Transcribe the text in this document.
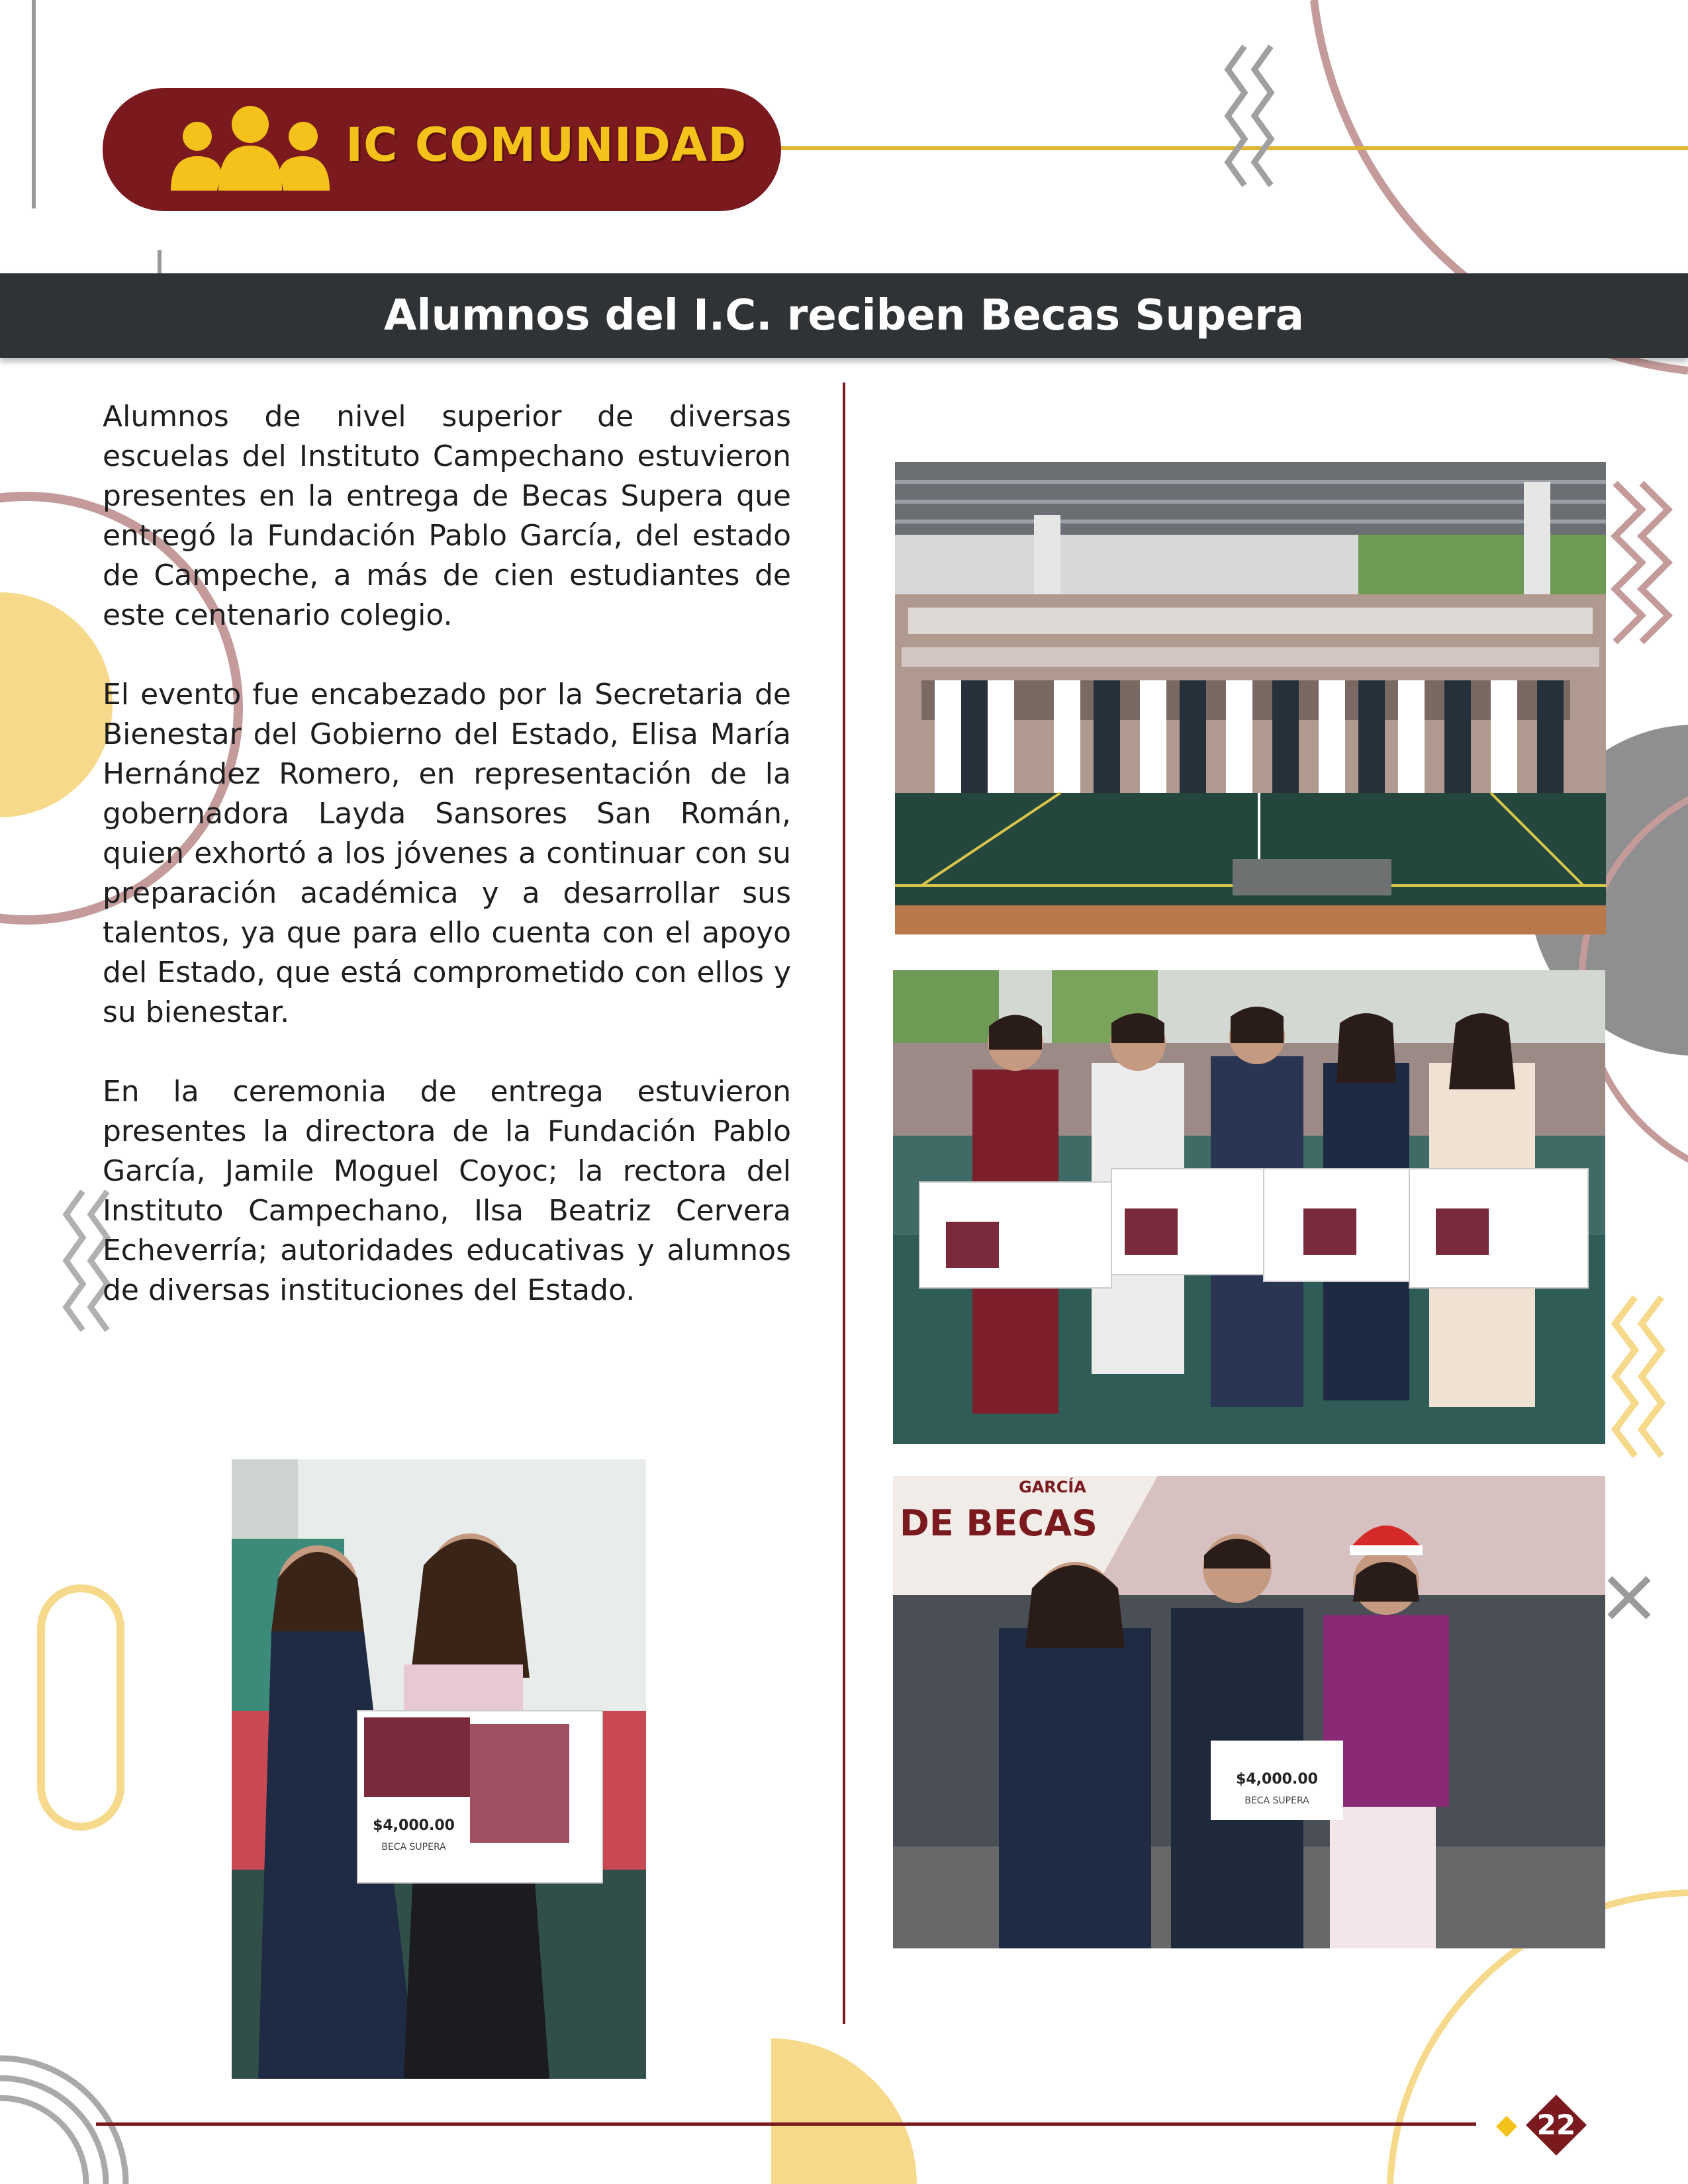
IC COMUNIDAD
Alumnos del I.C. reciben Becas Supera

Alumnos de nivel superior de diversas escuelas del Instituto Campechano estuvieron presentes en la entrega de Becas Supera que entregó la Fundación Pablo García, del estado de Campeche, a más de cien estudiantes de este centenario colegio.

El evento fue encabezado por la Secretaria de Bienestar del Gobierno del Estado, Elisa María Hernández Romero, en representación de la gobernadora Layda Sansores San Román, quien exhortó a los jóvenes a continuar con su preparación académica y a desarrollar sus talentos, ya que para ello cuenta con el apoyo del Estado, que está comprometido con ellos y su bienestar.

En la ceremonia de entrega estuvieron presentes la directora de la Fundación Pablo García, Jamile Moguel Coyoc; la rectora del Instituto Campechano, Ilsa Beatriz Cervera Echeverría; autoridades educativas y alumnos de diversas instituciones del Estado.

DE BECAS
GARCÍA
$4,000.00
BECA SUPERA
$4,000.00
BECA SUPERA
22
